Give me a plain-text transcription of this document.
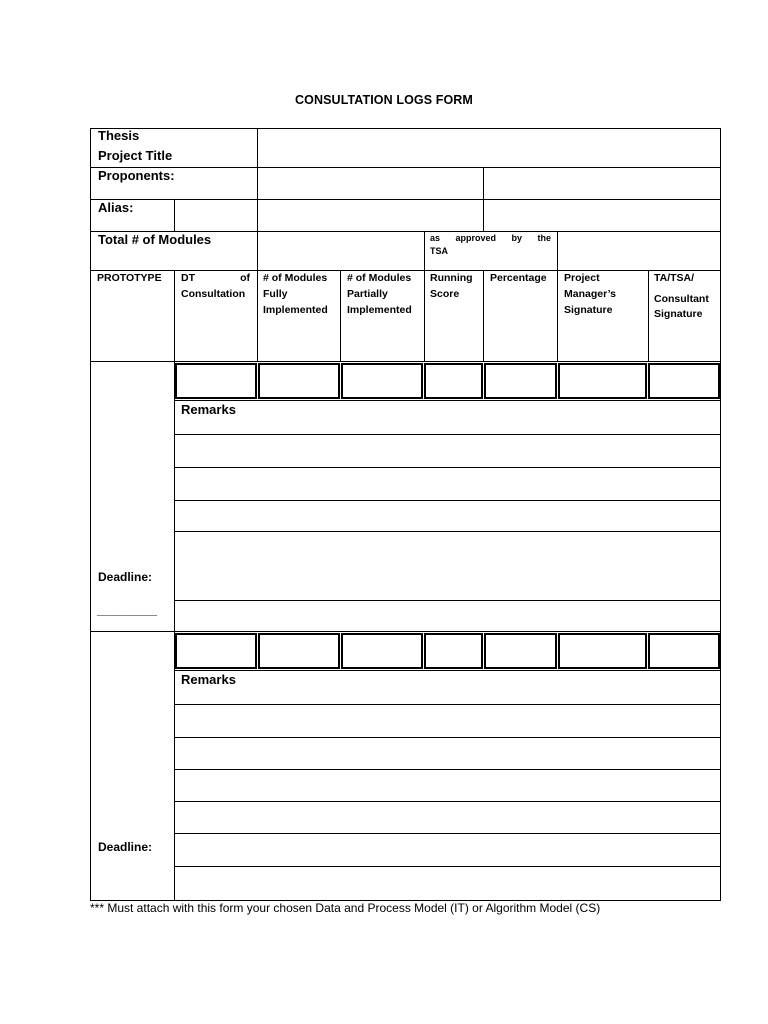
CONSULTATION LOGS FORM
Thesis
Project Title
Proponents:
Alias:
Total # of Modules	as approved by the
TSA
PROTOTYPE DT of
Consultation
# of Modules
Fully
Implemented
# of Modules
Partially
Implemented
Running
Score
Percentage Project
Manager’s
Signature
TA/TSA/
Consultant
Signature
Remarks
Deadline:
_________
Remarks
Deadline:
*** Must attach with this form your chosen Data and Process Model (IT) or Algorithm Model (CS)
